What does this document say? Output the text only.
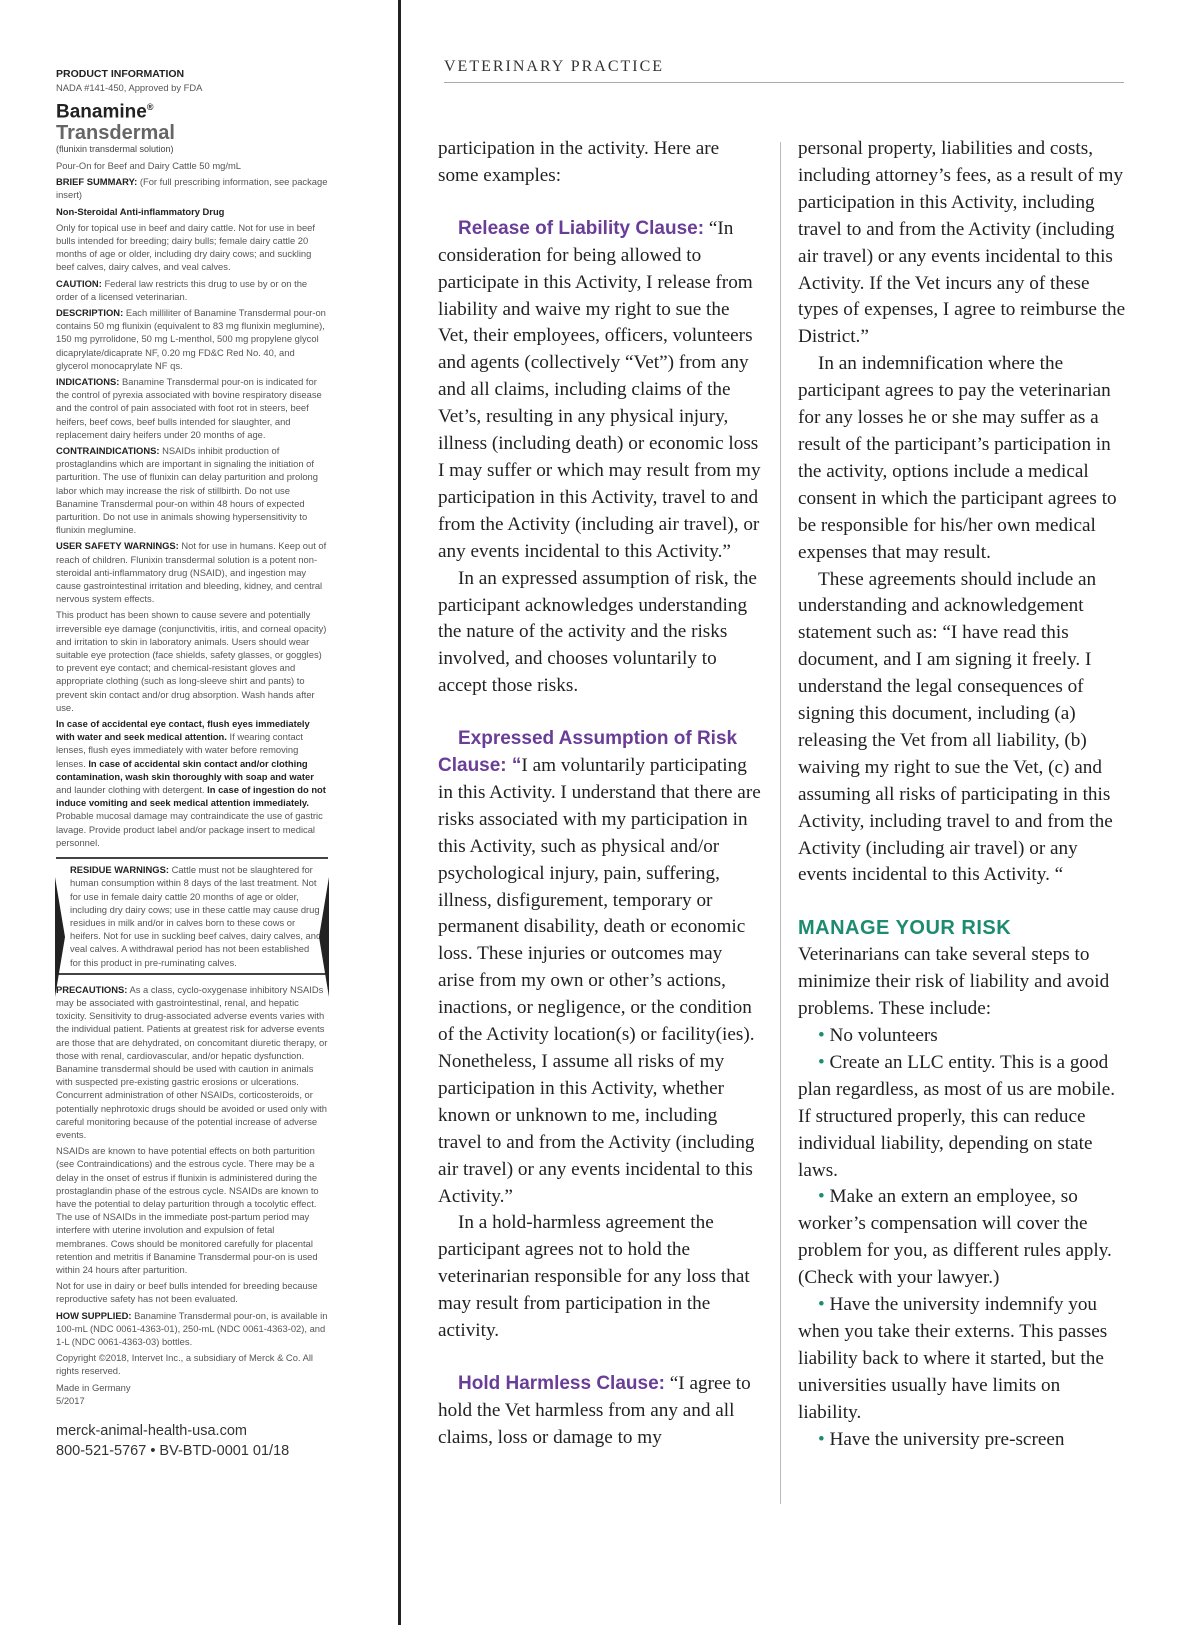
PRODUCT INFORMATION

NADA #141-450, Approved by FDA

Banamine®
Transdermal

(flunixin transdermal solution)

Pour-On for Beef and Dairy Cattle 50 mg/mL

BRIEF SUMMARY: (For full prescribing information, see package insert)

Non-Steroidal Anti-inflammatory Drug

Only for topical use in beef and dairy cattle. Not for use in beef bulls intended for breeding; dairy bulls; female dairy cattle 20 months of age or older, including dry dairy cows; and suckling beef calves, dairy calves, and veal calves.

CAUTION: Federal law restricts this drug to use by or on the order of a licensed veterinarian.

DESCRIPTION: Each milliliter of Banamine Transdermal pour-on contains 50 mg flunixin (equivalent to 83 mg flunixin meglumine), 150 mg pyrrolidone, 50 mg L-menthol, 500 mg propylene glycol dicaprylate/dicaprate NF, 0.20 mg FD&C Red No. 40, and glycerol monocaprylate NF qs.

INDICATIONS: Banamine Transdermal pour-on is indicated for the control of pyrexia associated with bovine respiratory disease and the control of pain associated with foot rot in steers, beef heifers, beef cows, beef bulls intended for slaughter, and replacement dairy heifers under 20 months of age.

CONTRAINDICATIONS: NSAIDs inhibit production of prostaglandins which are important in signaling the initiation of parturition. The use of flunixin can delay parturition and prolong labor which may increase the risk of stillbirth. Do not use Banamine Transdermal pour-on within 48 hours of expected parturition. Do not use in animals showing hypersensitivity to flunixin meglumine.

USER SAFETY WARNINGS: Not for use in humans. Keep out of reach of children. Flunixin transdermal solution is a potent non-steroidal anti-inflammatory drug (NSAID), and ingestion may cause gastrointestinal irritation and bleeding, kidney, and central nervous system effects.

This product has been shown to cause severe and potentially irreversible eye damage (conjunctivitis, iritis, and corneal opacity) and irritation to skin in laboratory animals. Users should wear suitable eye protection (face shields, safety glasses, or goggles) to prevent eye contact; and chemical-resistant gloves and appropriate clothing (such as long-sleeve shirt and pants) to prevent skin contact and/or drug absorption. Wash hands after use.

In case of accidental eye contact, flush eyes immediately with water and seek medical attention. If wearing contact lenses, flush eyes immediately with water before removing lenses. In case of accidental skin contact and/or clothing contamination, wash skin thoroughly with soap and water and launder clothing with detergent. In case of ingestion do not induce vomiting and seek medical attention immediately. Probable mucosal damage may contraindicate the use of gastric lavage. Provide product label and/or package insert to medical personnel.

RESIDUE WARNINGS: Cattle must not be slaughtered for human consumption within 8 days of the last treatment. Not for use in female dairy cattle 20 months of age or older, including dry dairy cows; use in these cattle may cause drug residues in milk and/or in calves born to these cows or heifers. Not for use in suckling beef calves, dairy calves, and veal calves. A withdrawal period has not been established for this product in pre-ruminating calves.

PRECAUTIONS: As a class, cyclo-oxygenase inhibitory NSAIDs may be associated with gastrointestinal, renal, and hepatic toxicity. Sensitivity to drug-associated adverse events varies with the individual patient. Patients at greatest risk for adverse events are those that are dehydrated, on concomitant diuretic therapy, or those with renal, cardiovascular, and/or hepatic dysfunction. Banamine transdermal should be used with caution in animals with suspected pre-existing gastric erosions or ulcerations. Concurrent administration of other NSAIDs, corticosteroids, or potentially nephrotoxic drugs should be avoided or used only with careful monitoring because of the potential increase of adverse events.

NSAIDs are known to have potential effects on both parturition (see Contraindications) and the estrous cycle. There may be a delay in the onset of estrus if flunixin is administered during the prostaglandin phase of the estrous cycle. NSAIDs are known to have the potential to delay parturition through a tocolytic effect. The use of NSAIDs in the immediate post-partum period may interfere with uterine involution and expulsion of fetal membranes. Cows should be monitored carefully for placental retention and metritis if Banamine Transdermal pour-on is used within 24 hours after parturition.

Not for use in dairy or beef bulls intended for breeding because reproductive safety has not been evaluated.

HOW SUPPLIED: Banamine Transdermal pour-on, is available in 100-mL (NDC 0061-4363-01), 250-mL (NDC 0061-4363-02), and 1-L (NDC 0061-4363-03) bottles.

Copyright ©2018, Intervet Inc., a subsidiary of Merck & Co. All rights reserved.

Made in Germany

5/2017

merck-animal-health-usa.com
800-521-5767 • BV-BTD-0001 01/18
VETERINARY PRACTICE

participation in the activity. Here are some examples:

Release of Liability Clause: “In consideration for being allowed to participate in this Activity, I release from liability and waive my right to sue the Vet, their employees, officers, volunteers and agents (collectively “Vet”) from any and all claims, including claims of the Vet’s, resulting in any physical injury, illness (including death) or economic loss I may suffer or which may result from my participation in this Activity, travel to and from the Activity (including air travel), or any events incidental to this Activity.”

In an expressed assumption of risk, the participant acknowledges understanding the nature of the activity and the risks involved, and chooses voluntarily to accept those risks.

Expressed Assumption of Risk Clause: “I am voluntarily participating in this Activity. I understand that there are risks associated with my participation in this Activity, such as physical and/or psychological injury, pain, suffering, illness, disfigurement, temporary or permanent disability, death or economic loss. These injuries or outcomes may arise from my own or other’s actions, inactions, or negligence, or the condition of the Activity location(s) or facility(ies). Nonetheless, I assume all risks of my participation in this Activity, whether known or unknown to me, including travel to and from the Activity (including air travel) or any events incidental to this Activity.”

In a hold-harmless agreement the participant agrees not to hold the veterinarian responsible for any loss that may result from participation in the activity.

Hold Harmless Clause: “I agree to hold the Vet harmless from any and all claims, loss or damage to my

personal property, liabilities and costs, including attorney’s fees, as a result of my participation in this Activity, including travel to and from the Activity (including air travel) or any events incidental to this Activity. If the Vet incurs any of these types of expenses, I agree to reimburse the District.”

In an indemnification where the participant agrees to pay the veterinarian for any losses he or she may suffer as a result of the participant’s participation in the activity, options include a medical consent in which the participant agrees to be responsible for his/her own medical expenses that may result.

These agreements should include an understanding and acknowledgement statement such as: “I have read this document, and I am signing it freely. I understand the legal consequences of signing this document, including (a) releasing the Vet from all liability, (b) waiving my right to sue the Vet, (c) and assuming all risks of participating in this Activity, including travel to and from the Activity (including air travel) or any events incidental to this Activity. “

MANAGE YOUR RISK

Veterinarians can take several steps to minimize their risk of liability and avoid problems. These include:

• No volunteers

• Create an LLC entity. This is a good plan regardless, as most of us are mobile. If structured properly, this can reduce individual liability, depending on state laws.

• Make an extern an employee, so worker’s compensation will cover the problem for you, as different rules apply. (Check with your lawyer.)

• Have the university indemnify you when you take their externs. This passes liability back to where it started, but the universities usually have limits on liability.

• Have the university pre-screen
